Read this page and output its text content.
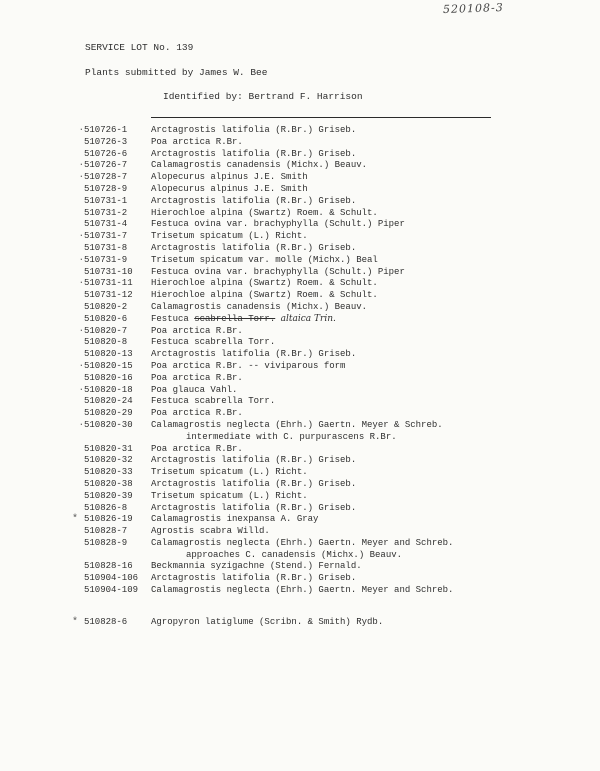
520108-3
SERVICE LOT No. 139
Plants submitted by James W. Bee
Identified by: Bertrand F. Harrison
· 510726-1	Arctagrostis latifolia (R.Br.) Griseb.
510726-3	Poa arctica R.Br.
510726-6	Arctagrostis latifolia (R.Br.) Griseb.
· 510726-7	Calamagrostis canadensis (Michx.) Beauv.
· 510728-7	Alopecurus alpinus J.E. Smith
510728-9	Alopecurus alpinus J.E. Smith
510731-1	Arctagrostis latifolia (R.Br.) Griseb.
510731-2	Hierochloe alpina (Swartz) Roem. & Schult.
510731-4	Festuca ovina var. brachyphylla (Schult.) Piper
· 510731-7	Trisetum spicatum (L.) Richt.
510731-8	Arctagrostis latifolia (R.Br.) Griseb.
· 510731-9	Trisetum spicatum var. molle (Michx.) Beal
510731-10 Festuca ovina var. brachyphylla (Schult.) Piper
· 510731-11 Hierochloe alpina (Swartz) Roem. & Schult.
510731-12 Hierochloe alpina (Swartz) Roem. & Schult.
510820-2	Calamagrostis canadensis (Michx.) Beauv.
510820-6	Festuca scabrella Torr. altaica Trin.
· 510820-7	Poa arctica R.Br.
510820-8	Festuca scabrella Torr.
510820-13 Arctagrostis latifolia (R.Br.) Griseb.
· 510820-15 Poa arctica R.Br. -- viviparous form
510820-16 Poa arctica R.Br.
· 510820-18 Poa glauca Vahl.
510820-24 Festuca scabrella Torr.
510820-29 Poa arctica R.Br.
· 510820-30 Calamagrostis neglecta (Ehrh.) Gaertn. Meyer & Schreb.
intermediate with C. purpurascens R.Br.
510820-31 Poa arctica R.Br.
510820-32 Arctagrostis latifolia (R.Br.) Griseb.
510820-33 Trisetum spicatum (L.) Richt.
510820-38 Arctagrostis latifolia (R.Br.) Griseb.
510820-39 Trisetum spicatum (L.) Richt.
510826-8	Arctagrostis latifolia (R.Br.) Griseb.
* 510826-19 Calamagrostis inexpansa A. Gray
510828-7	Agrostis scabra Willd.
510828-9	Calamagrostis neglecta (Ehrh.) Gaertn. Meyer and Schreb.
approaches C. canadensis (Michx.) Beauv.
510828-16 Beckmannia syzigachne (Stend.) Fernald.
510904-106 Arctagrostis latifolia (R.Br.) Griseb.
510904-109 Calamagrostis neglecta (Ehrh.) Gaertn. Meyer and Schreb.
* 510828-6	Agropyron latiglume (Scribn. & Smith) Rydb.
